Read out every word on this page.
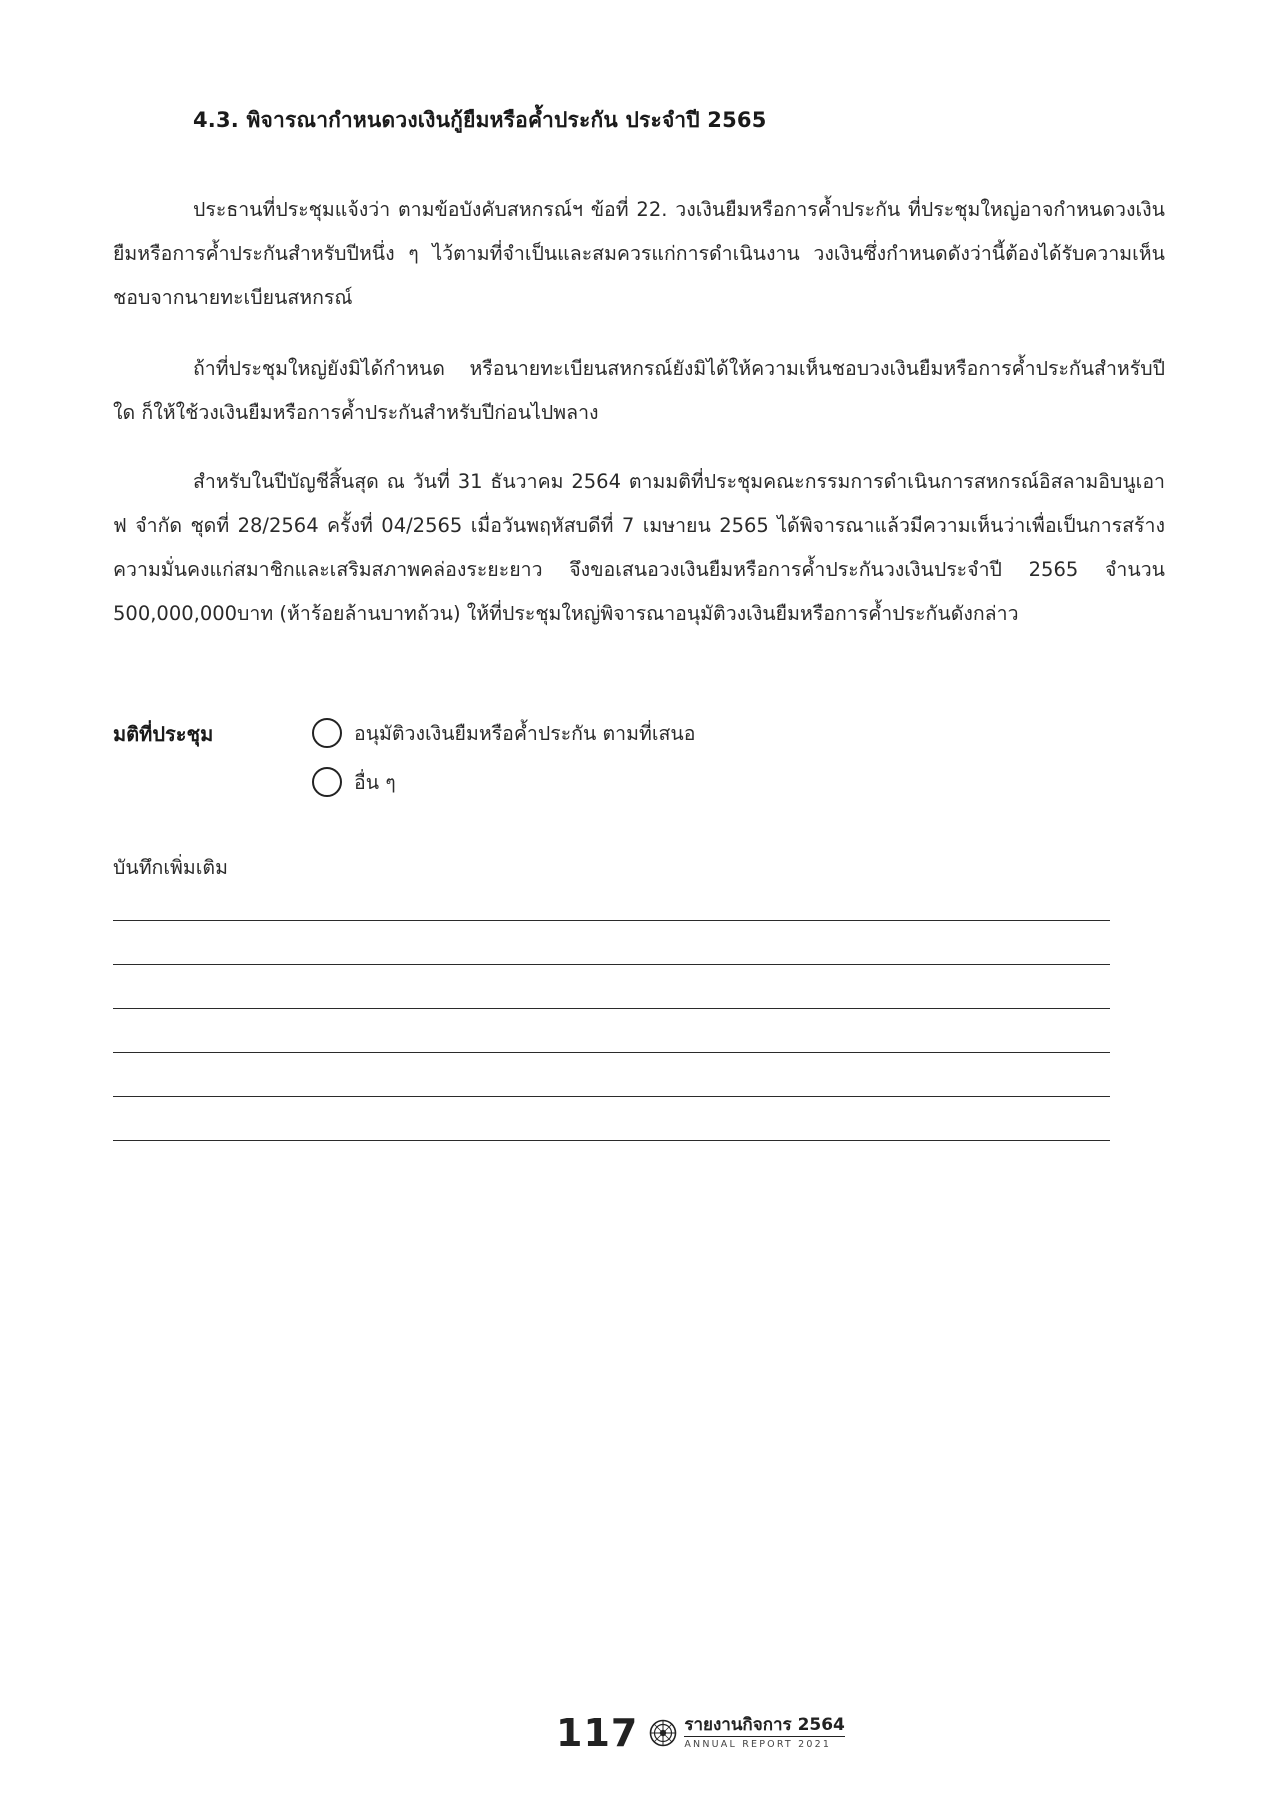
4.3. พิจารณากำหนดวงเงินกู้ยืมหรือค้ำประกัน ประจำปี 2565

ประธานที่ประชุมแจ้งว่า ตามข้อบังคับสหกรณ์ฯ ข้อที่ 22. วงเงินยืมหรือการค้ำประกัน ที่ประชุมใหญ่อาจกำหนดวงเงินยืมหรือการค้ำประกันสำหรับปีหนึ่ง ๆ ไว้ตามที่จำเป็นและสมควรแก่การดำเนินงาน วงเงินซึ่งกำหนดดังว่านี้ต้องได้รับความเห็นชอบจากนายทะเบียนสหกรณ์

ถ้าที่ประชุมใหญ่ยังมิได้กำหนด หรือนายทะเบียนสหกรณ์ยังมิได้ให้ความเห็นชอบวงเงินยืมหรือการค้ำประกันสำหรับปีใด ก็ให้ใช้วงเงินยืมหรือการค้ำประกันสำหรับปีก่อนไปพลาง

สำหรับในปีบัญชีสิ้นสุด ณ วันที่ 31 ธันวาคม 2564 ตามมติที่ประชุมคณะกรรมการดำเนินการสหกรณ์อิสลามอิบนูเอาฟ จำกัด ชุดที่ 28/2564 ครั้งที่ 04/2565 เมื่อวันพฤหัสบดีที่ 7 เมษายน 2565 ได้พิจารณาแล้วมีความเห็นว่าเพื่อเป็นการสร้างความมั่นคงแก่สมาชิกและเสริมสภาพคล่องระยะยาว จึงขอเสนอวงเงินยืมหรือการค้ำประกันวงเงินประจำปี 2565 จำนวน 500,000,000บาท (ห้าร้อยล้านบาทถ้วน) ให้ที่ประชุมใหญ่พิจารณาอนุมัติวงเงินยืมหรือการค้ำประกันดังกล่าว

มติที่ประชุม	อนุมัติวงเงินยืมหรือค้ำประกัน ตามที่เสนอ
อื่น ๆ
บันทึกเพิ่มเติม
117	รายงานกิจการ 2564
ANNUAL REPORT 2021
